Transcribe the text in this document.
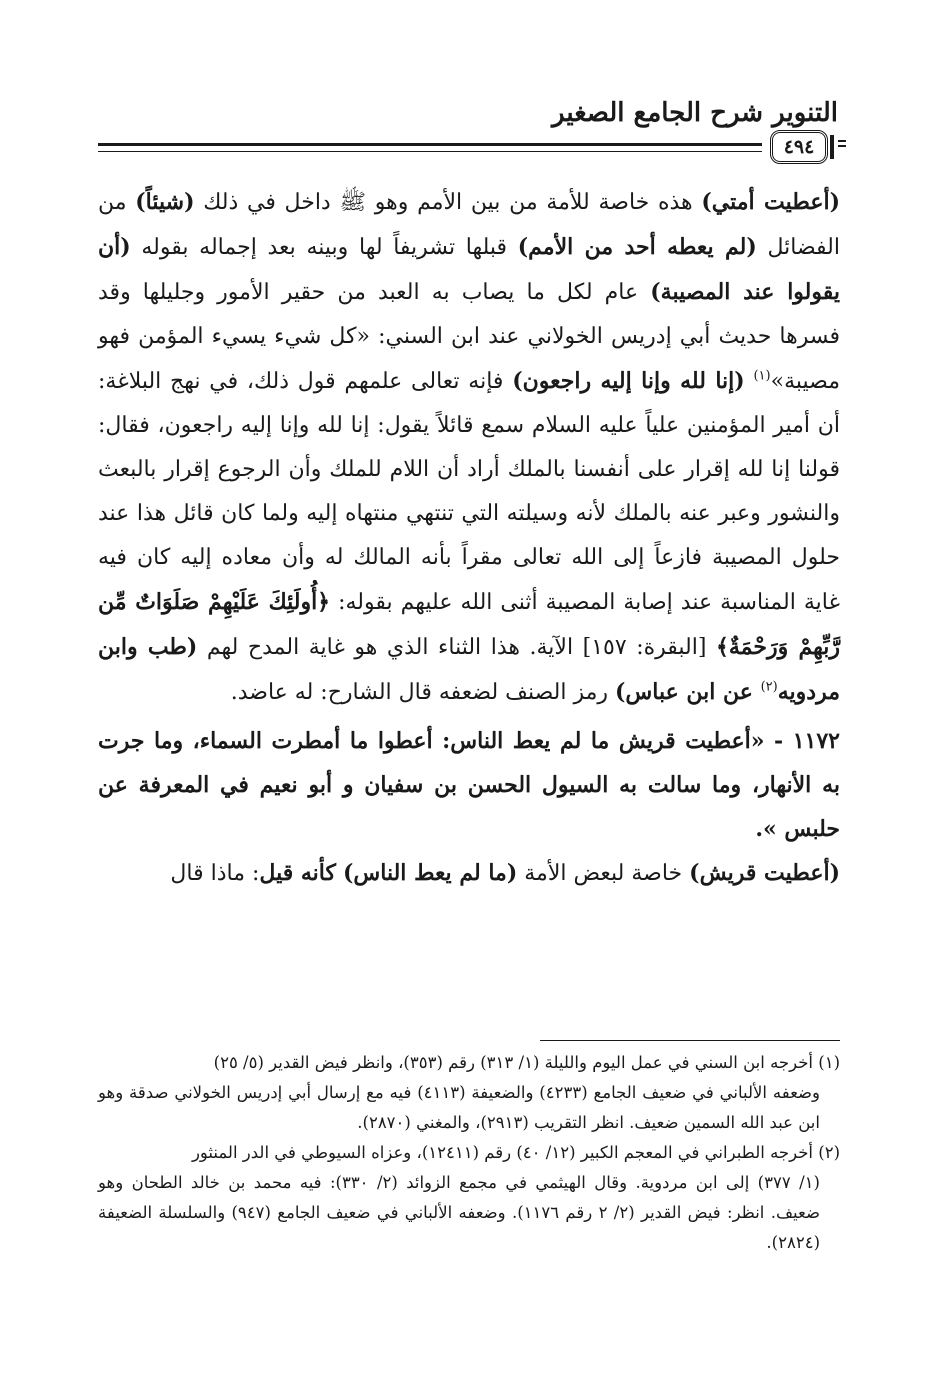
التنوير شرح الجامع الصغير
٤٩٤

(أعطيت أمتي) هذه خاصة للأمة من بين الأمم وهو ﷺ داخل في ذلك (شيئاً) من الفضائل (لم يعطه أحد من الأمم) قبلها تشريفاً لها وبينه بعد إجماله بقوله (أن يقولوا عند المصيبة) عام لكل ما يصاب به العبد من حقير الأمور وجليلها وقد فسرها حديث أبي إدريس الخولاني عند ابن السني: «كل شيء يسيء المؤمن فهو مصيبة»$^{(١)}$ (إنا لله وإنا إليه راجعون) فإنه تعالى علمهم قول ذلك، في نهج البلاغة: أن أمير المؤمنين علياً عليه السلام سمع قائلاً يقول: إنا لله وإنا إليه راجعون، فقال: قولنا إنا لله إقرار على أنفسنا بالملك أراد أن اللام للملك وأن الرجوع إقرار بالبعث والنشور وعبر عنه بالملك لأنه وسيلته التي تنتهي منتهاه إليه ولما كان قائل هذا عند حلول المصيبة فازعاً إلى الله تعالى مقراً بأنه المالك له وأن معاده إليه كان فيه غاية المناسبة عند إصابة المصيبة أثنى الله عليهم بقوله: ﴿أُولَئِكَ عَلَيْهِمْ صَلَوَاتٌ مِّن رَّبِّهِمْ وَرَحْمَةٌ﴾ [البقرة: ١٥٧] الآية. هذا الثناء الذي هو غاية المدح لهم (طب وابن مردويه$^{(٢)}$ عن ابن عباس) رمز الصنف لضعفه قال الشارح: له عاضد.

١١٧٢ - «أعطيت قريش ما لم يعط الناس: أعطوا ما أمطرت السماء، وما جرت به الأنهار، وما سالت به السيول الحسن بن سفيان و أبو نعيم في المعرفة عن حلبس ».

(أعطيت قريش) خاصة لبعض الأمة (ما لم يعط الناس) كأنه قيل: ماذا قال

(١) أخرجه ابن السني في عمل اليوم والليلة (١/ ٣١٣) رقم (٣٥٣)، وانظر فيض القدير (٥/ ٢٥)

وضعفه الألباني في ضعيف الجامع (٤٢٣٣) والضعيفة (٤١١٣) فيه مع إرسال أبي إدريس الخولاني صدقة وهو ابن عبد الله السمين ضعيف. انظر التقريب (٢٩١٣)، والمغني (٢٨٧٠).

(٢) أخرجه الطبراني في المعجم الكبير (١٢/ ٤٠) رقم (١٢٤١١)، وعزاه السيوطي في الدر المنثور

(١/ ٣٧٧) إلى ابن مردوية. وقال الهيثمي في مجمع الزوائد (٢/ ٣٣٠): فيه محمد بن خالد الطحان وهو ضعيف. انظر: فيض القدير (٢/ ٢ رقم ١١٧٦). وضعفه الألباني في ضعيف الجامع (٩٤٧) والسلسلة الضعيفة (٢٨٢٤).
